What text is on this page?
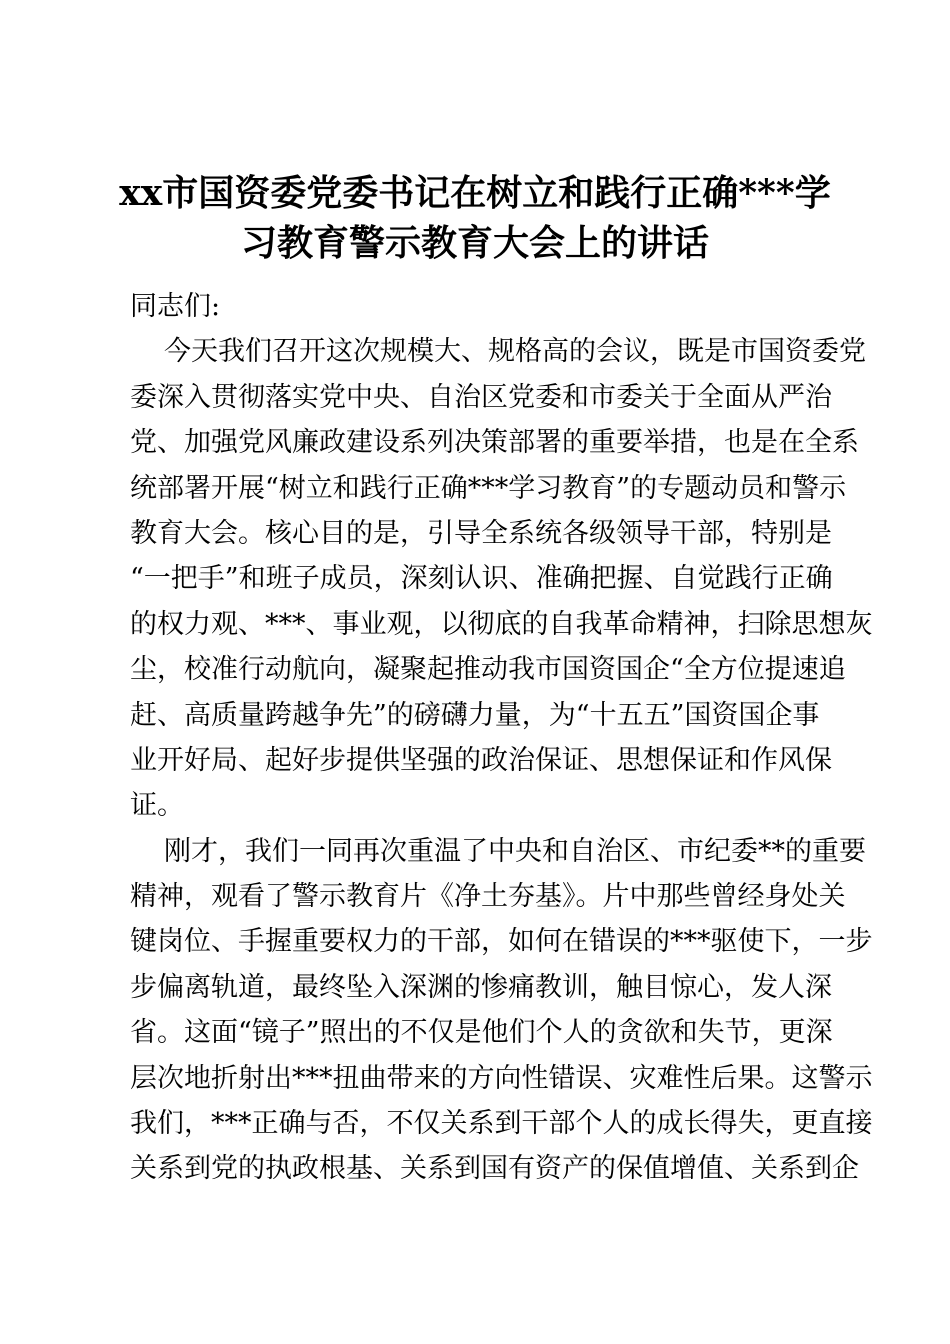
xx市国资委党委书记在树立和践行正确***学
习教育警示教育大会上的讲话
同志们:
今天我们召开这次规模大、规格高的会议，既是市国资委党
委深入贯彻落实党中央、自治区党委和市委关于全面从严治
党、加强党风廉政建设系列决策部署的重要举措，也是在全系
统部署开展“树立和践行正确***学习教育”的专题动员和警示
教育大会。核心目的是，引导全系统各级领导干部，特别是
“一把手”和班子成员，深刻认识、准确把握、自觉践行正确
的权力观、***、事业观，以彻底的自我革命精神，扫除思想灰
尘，校准行动航向，凝聚起推动我市国资国企“全方位提速追
赶、高质量跨越争先”的磅礴力量，为“十五五”国资国企事
业开好局、起好步提供坚强的政治保证、思想保证和作风保
证。
刚才，我们一同再次重温了中央和自治区、市纪委**的重要
精神，观看了警示教育片《净土夯基》。片中那些曾经身处关
键岗位、手握重要权力的干部，如何在错误的***驱使下，一步
步偏离轨道，最终坠入深渊的惨痛教训，触目惊心，发人深
省。这面“镜子”照出的不仅是他们个人的贪欲和失节，更深
层次地折射出***扭曲带来的方向性错误、灾难性后果。这警示
我们，***正确与否，不仅关系到干部个人的成长得失，更直接
关系到党的执政根基、关系到国有资产的保值增值、关系到企
